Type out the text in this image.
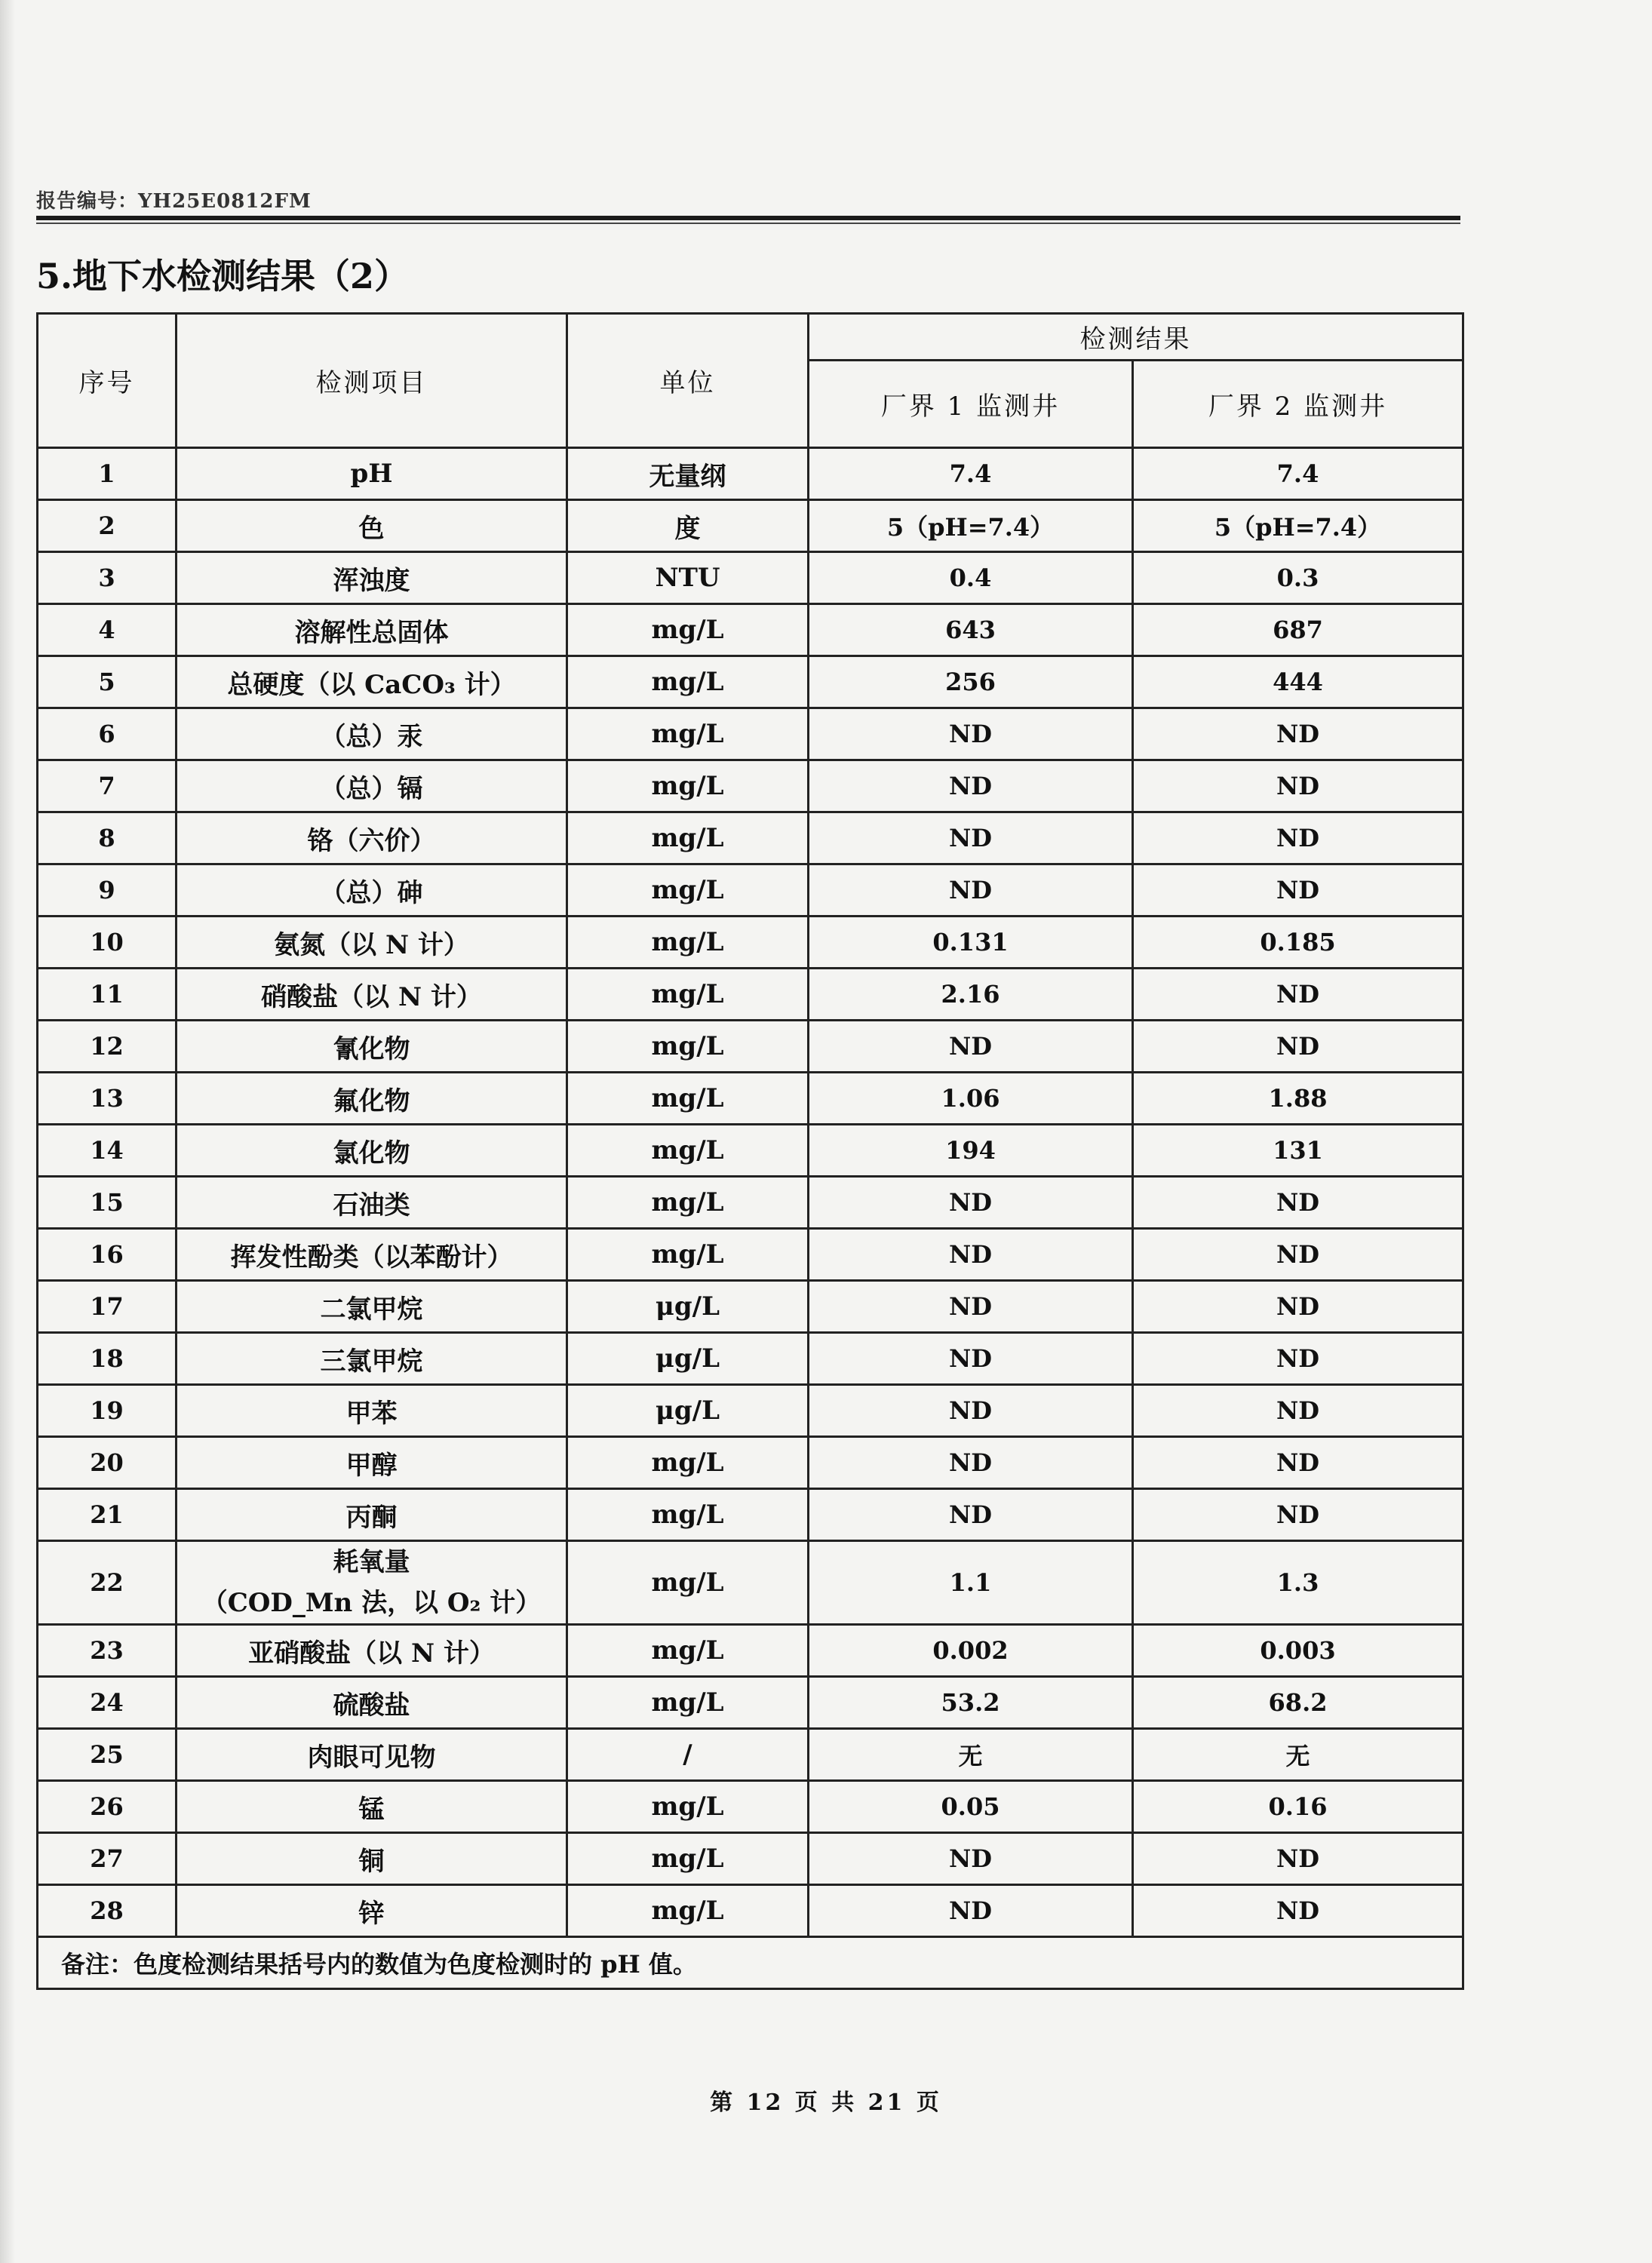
报告编号：YH25E0812FM
5.地下水检测结果（2）
序号	检测项目	单位	检测结果	
			厂界 1 监测井	厂界 2 监测井
1	pH	无量纲	7.4	7.4
2	色	度	5（pH=7.4）	5（pH=7.4）
3	浑浊度	NTU	0.4	0.3
4	溶解性总固体	mg/L	643	687
5	总硬度（以 CaCO₃ 计）	mg/L	256	444
6	（总）汞	mg/L	ND	ND
7	（总）镉	mg/L	ND	ND
8	铬（六价）	mg/L	ND	ND
9	（总）砷	mg/L	ND	ND
10	氨氮（以 N 计）	mg/L	0.131	0.185
11	硝酸盐（以 N 计）	mg/L	2.16	ND
12	氰化物	mg/L	ND	ND
13	氟化物	mg/L	1.06	1.88
14	氯化物	mg/L	194	131
15	石油类	mg/L	ND	ND
16	挥发性酚类（以苯酚计）	mg/L	ND	ND
17	二氯甲烷	μg/L	ND	ND
18	三氯甲烷	μg/L	ND	ND
19	甲苯	μg/L	ND	ND
20	甲醇	mg/L	ND	ND
21	丙酮	mg/L	ND	ND
22	耗氧量
（COD_Mn 法，以 O₂ 计）	mg/L	1.1	1.3
23	亚硝酸盐（以 N 计）	mg/L	0.002	0.003
24	硫酸盐	mg/L	53.2	68.2
25	肉眼可见物	/	无	无
26	锰	mg/L	0.05	0.16
27	铜	mg/L	ND	ND
28	锌	mg/L	ND	ND
备注：色度检测结果括号内的数值为色度检测时的 pH 值。				
第 12 页 共 21 页
